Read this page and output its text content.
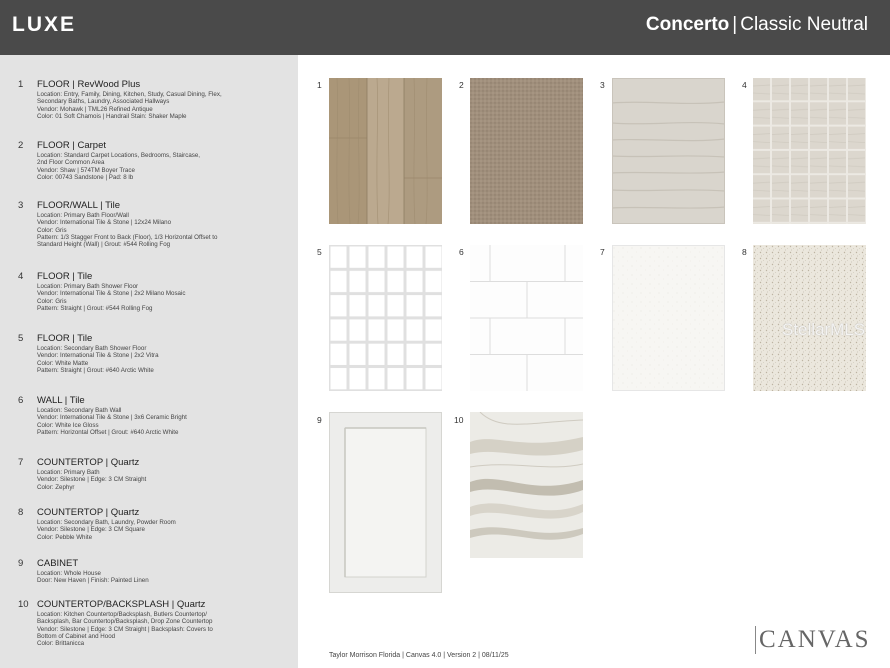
LUXE	Concerto | Classic Neutral
1 FLOOR | RevWood Plus
Location: Entry, Family, Dining, Kitchen, Study, Casual Dining, Flex,
Secondary Baths, Laundry, Associated Hallways
Vendor: Mohawk | TML26 Refined Antique
Color: 01 Soft Chamois | Handrail Stain: Shaker Maple
2 FLOOR | Carpet
Location: Standard Carpet Locations, Bedrooms, Staircase,
2nd Floor Common Area
Vendor: Shaw | 574TM Boyer Trace
Color: 00743 Sandstone | Pad: 8 lb
3 FLOOR/WALL | Tile
Location: Primary Bath Floor/Wall
Vendor: International Tile & Stone | 12x24 Milano
Color: Gris
Pattern: 1/3 Stagger Front to Back (Floor), 1/3 Horizontal Offset to
Standard Height (Wall) | Grout: #544 Rolling Fog
4 FLOOR | Tile
Location: Primary Bath Shower Floor
Vendor: International Tile & Stone | 2x2 Milano Mosaic
Color: Gris
Pattern: Straight | Grout: #544 Rolling Fog
5 FLOOR | Tile
Location: Secondary Bath Shower Floor
Vendor: International Tile & Stone | 2x2 Vitra
Color: White Matte
Pattern: Straight | Grout: #640 Arctic White
6 WALL | Tile
Location: Secondary Bath Wall
Vendor: International Tile & Stone | 3x6 Ceramic Bright
Color: White Ice Gloss
Pattern: Horizontal Offset | Grout: #640 Arctic White
7 COUNTERTOP | Quartz
Location: Primary Bath
Vendor: Silestone | Edge: 3 CM Straight
Color: Zephyr
8 COUNTERTOP | Quartz
Location: Secondary Bath, Laundry, Powder Room
Vendor: Silestone | Edge: 3 CM Square
Color: Pebble White
9 CABINET
Location: Whole House
Door: New Haven | Finish: Painted Linen
10 COUNTERTOP/BACKSPLASH | Quartz
Location: Kitchen Countertop/Backsplash, Butlers Countertop/
Backsplash, Bar Countertop/Backsplash, Drop Zone Countertop
Vendor: Silestone | Edge: 3 CM Straight | Backsplash: Covers to
Bottom of Cabinet and Hood
Color: Brittanicca
1	2	3	4
5	6	7	8
StellarMLS
9	10
Taylor Morrison Florida | Canvas 4.0 | Version 2 | 08/11/25
CANVAS
